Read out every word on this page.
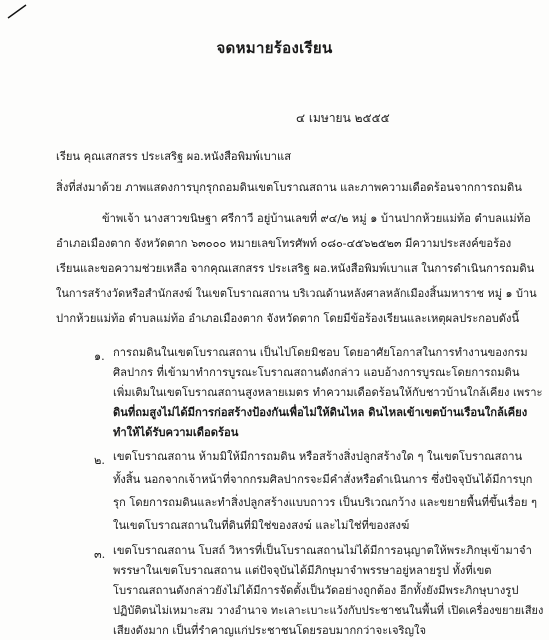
จดหมายร้องเรียน
๔ เมษายน ๒๕๕๕
เรียน คุณเสกสรร ประเสริฐ ผอ.หนังสือพิมพ์เบาแส
สิ่งที่ส่งมาด้วย ภาพแสดงการบุกรุกถอมดินเขตโบราณสถาน และภาพความเดือดร้อนจากการถมดิน
ข้าพเจ้า นางสาวขนิษฐา ศรีกาวี อยู่บ้านเลขที่ ๙๔/๒ หมู่ ๑ บ้านปากห้วยแม่ท้อ ตำบลแม่ท้อ
อำเภอเมืองตาก จังหวัดตาก ๖๓๐๐๐ หมายเลขโทรศัพท์ ๐๘๐-๔๕๖๒๕๒๓ มีความประสงค์ขอร้อง
เรียนและขอความช่วยเหลือ จากคุณเสกสรร ประเสริฐ ผอ.หนังสือพิมพ์เบาแส ในการดำเนินการถมดิน
ในการสร้างวัดหรือสำนักสงฆ์ ในเขตโบราณสถาน บริเวณด้านหลังศาลหลักเมืองสิ้นมหาราช หมู่ ๑ บ้าน
ปากห้วยแม่ท้อ ตำบลแม่ท้อ อำเภอเมืองตาก จังหวัดตาก โดยมีข้อร้องเรียนและเหตุผลประกอบดังนี้
๑. การถมดินในเขตโบราณสถาน เป็นไปโดยมิชอบ โดยอาศัยโอกาสในการทำงานของกรม
ศิลปากร ที่เข้ามาทำการบูรณะโบราณสถานดังกล่าว แอบอ้างการบูรณะโดยการถมดิน
เพิ่มเติมในเขตโบราณสถานสูงหลายเมตร ทำความเดือดร้อนให้กับชาวบ้านใกล้เคียง เพราะ
ดินที่ถมสูงไม่ได้มีการก่อสร้างป้องกันเพื่อไม่ให้ดินไหล ดินไหลเข้าเขตบ้านเรือนใกล้เคียง
ทำให้ได้รับความเดือดร้อน
๒. เขตโบราณสถาน ห้ามมิให้มีการถมดิน หรือสร้างสิ่งปลูกสร้างใด ๆ ในเขตโบราณสถาน
ทั้งสิ้น นอกจากเจ้าหน้าที่จากกรมศิลปากรจะมีคำสั่งหรือดำเนินการ ซึ่งปัจจุบันได้มีการบุก
รุก โดยการถมดินและทำสิ่งปลูกสร้างแบบถาวร เป็นบริเวณกว้าง และขยายพื้นที่ขึ้นเรื่อย ๆ
ในเขตโบราณสถานในที่ดินที่มิใช่ของสงฆ์ และไม่ใช่ที่ของสงฆ์
๓. เขตโบราณสถาน โบสถ์ วิหารที่เป็นโบราณสถานไม่ได้มีการอนุญาตให้พระภิกษุเข้ามาจำ
พรรษาในเขตโบราณสถาน แต่ปัจจุบันได้มีภิกษุมาจำพรรษาอยู่หลายรูป ทั้งที่เขต
โบราณสถานดังกล่าวยังไม่ได้มีการจัดตั้งเป็นวัดอย่างถูกต้อง อีกทั้งยังมีพระภิกษุบางรูป
ปฏิบัติตนไม่เหมาะสม วางอำนาจ ทะเลาะเบาะแว้งกับประชาชนในพื้นที่ เปิดเครื่องขยายเสียง
เสียงดังมาก เป็นที่รำคาญแก่ประชาชนโดยรอบมากกว่าจะเจริญใจ
